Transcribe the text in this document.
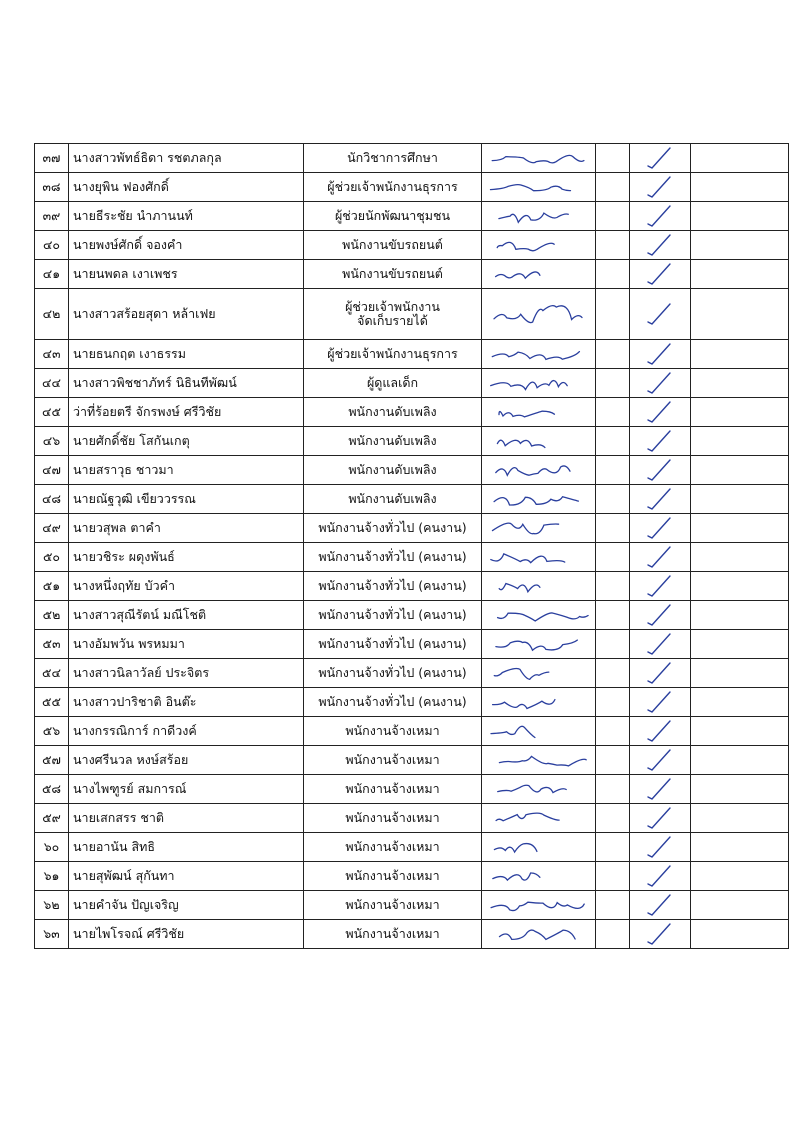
๓๗	นางสาวพัทธ์ธิดา รชตภลกุล	นักวิชาการศึกษา	

๓๘	นางยุพิน ฟองศักดิ์	ผู้ช่วยเจ้าพนักงานธุรการ	

๓๙	นายธีระชัย นำภานนท์	ผู้ช่วยนักพัฒนาชุมชน	

๔๐	นายพงษ์ศักดิ์ จองคำ	พนักงานขับรถยนต์	

๔๑	นายนพดล เงาเพชร	พนักงานขับรถยนต์	

๔๒	นางสาวสร้อยสุดา หล้าเฟย	ผู้ช่วยเจ้าพนักงาน
จัดเก็บรายได้

๔๓	นายธนกฤต เงาธรรม	ผู้ช่วยเจ้าพนักงานธุรการ	

๔๔	นางสาวพิชชาภัทร์ นิธินทีพัฒน์	ผู้ดูแลเด็ก	

๔๕	ว่าที่ร้อยตรี จักรพงษ์ ศรีวิชัย	พนักงานดับเพลิง	

๔๖	นายศักดิ์ชัย โสกันเกตุ	พนักงานดับเพลิง	

๔๗	นายสราวุธ ชาวมา	พนักงานดับเพลิง	

๔๘	นายณัฐวุฒิ เขียววรรณ	พนักงานดับเพลิง	

๔๙	นายวสุพล ตาคำ	พนักงานจ้างทั่วไป (คนงาน)	

๕๐	นายวชิระ ผดุงพันธ์	พนักงานจ้างทั่วไป (คนงาน)	

๕๑	นางหนึ่งฤทัย บัวคำ	พนักงานจ้างทั่วไป (คนงาน)	

๕๒	นางสาวสุณีรัตน์ มณีโชติ	พนักงานจ้างทั่วไป (คนงาน)	

๕๓	นางอัมพวัน พรหมมา	พนักงานจ้างทั่วไป (คนงาน)	

๕๔	นางสาวนิลาวัลย์ ประจิตร	พนักงานจ้างทั่วไป (คนงาน)	

๕๕	นางสาวปาริชาติ อินต๊ะ	พนักงานจ้างทั่วไป (คนงาน)	

๕๖	นางกรรณิการ์ กาดีวงค์	พนักงานจ้างเหมา	

๕๗	นางศรีนวล หงษ์สร้อย	พนักงานจ้างเหมา	

๕๘	นางไพฑูรย์ สมการณ์	พนักงานจ้างเหมา	

๕๙	นายเสกสรร ชาติ	พนักงานจ้างเหมา	

๖๐	นายอานัน สิทธิ	พนักงานจ้างเหมา	

๖๑	นายสุพัฒน์ สุกันทา	พนักงานจ้างเหมา	

๖๒	นายคำจัน ปัญเจริญ	พนักงานจ้างเหมา	

๖๓	นายไพโรจณ์ ศรีวิชัย	พนักงานจ้างเหมา	
